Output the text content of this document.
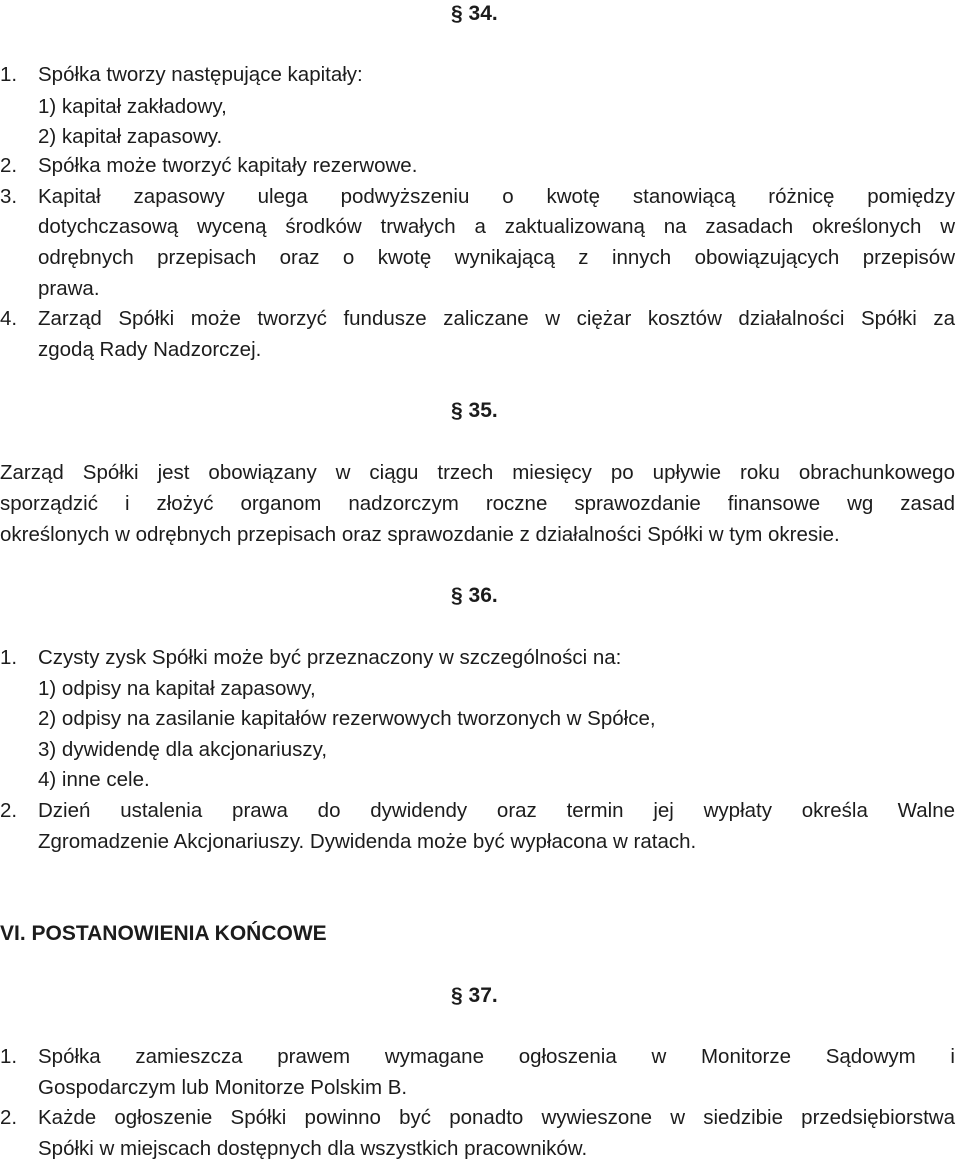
§ 34.
1. Spółka tworzy następujące kapitały:
1) kapitał zakładowy,
2) kapitał zapasowy.
2. Spółka może tworzyć kapitały rezerwowe.
3. Kapitał zapasowy ulega podwyższeniu o kwotę stanowiącą różnicę pomiędzy
dotychczasową wyceną środków trwałych a zaktualizowaną na zasadach określonych w
odrębnych przepisach oraz o kwotę wynikającą z innych obowiązujących przepisów
prawa.
4. Zarząd Spółki może tworzyć fundusze zaliczane w ciężar kosztów działalności Spółki za
zgodą Rady Nadzorczej.
§ 35.
Zarząd Spółki jest obowiązany w ciągu trzech miesięcy po upływie roku obrachunkowego
sporządzić i złożyć organom nadzorczym roczne sprawozdanie finansowe wg zasad
określonych w odrębnych przepisach oraz sprawozdanie z działalności Spółki w tym okresie.
§ 36.
1. Czysty zysk Spółki może być przeznaczony w szczególności na:
1) odpisy na kapitał zapasowy,
2) odpisy na zasilanie kapitałów rezerwowych tworzonych w Spółce,
3) dywidendę dla akcjonariuszy,
4) inne cele.
2. Dzień ustalenia prawa do dywidendy oraz termin jej wypłaty określa Walne
Zgromadzenie Akcjonariuszy. Dywidenda może być wypłacona w ratach.
VI. POSTANOWIENIA KOŃCOWE
§ 37.
1. Spółka zamieszcza prawem wymagane ogłoszenia w Monitorze Sądowym i
Gospodarczym lub Monitorze Polskim B.
2. Każde ogłoszenie Spółki powinno być ponadto wywieszone w siedzibie przedsiębiorstwa
Spółki w miejscach dostępnych dla wszystkich pracowników.
